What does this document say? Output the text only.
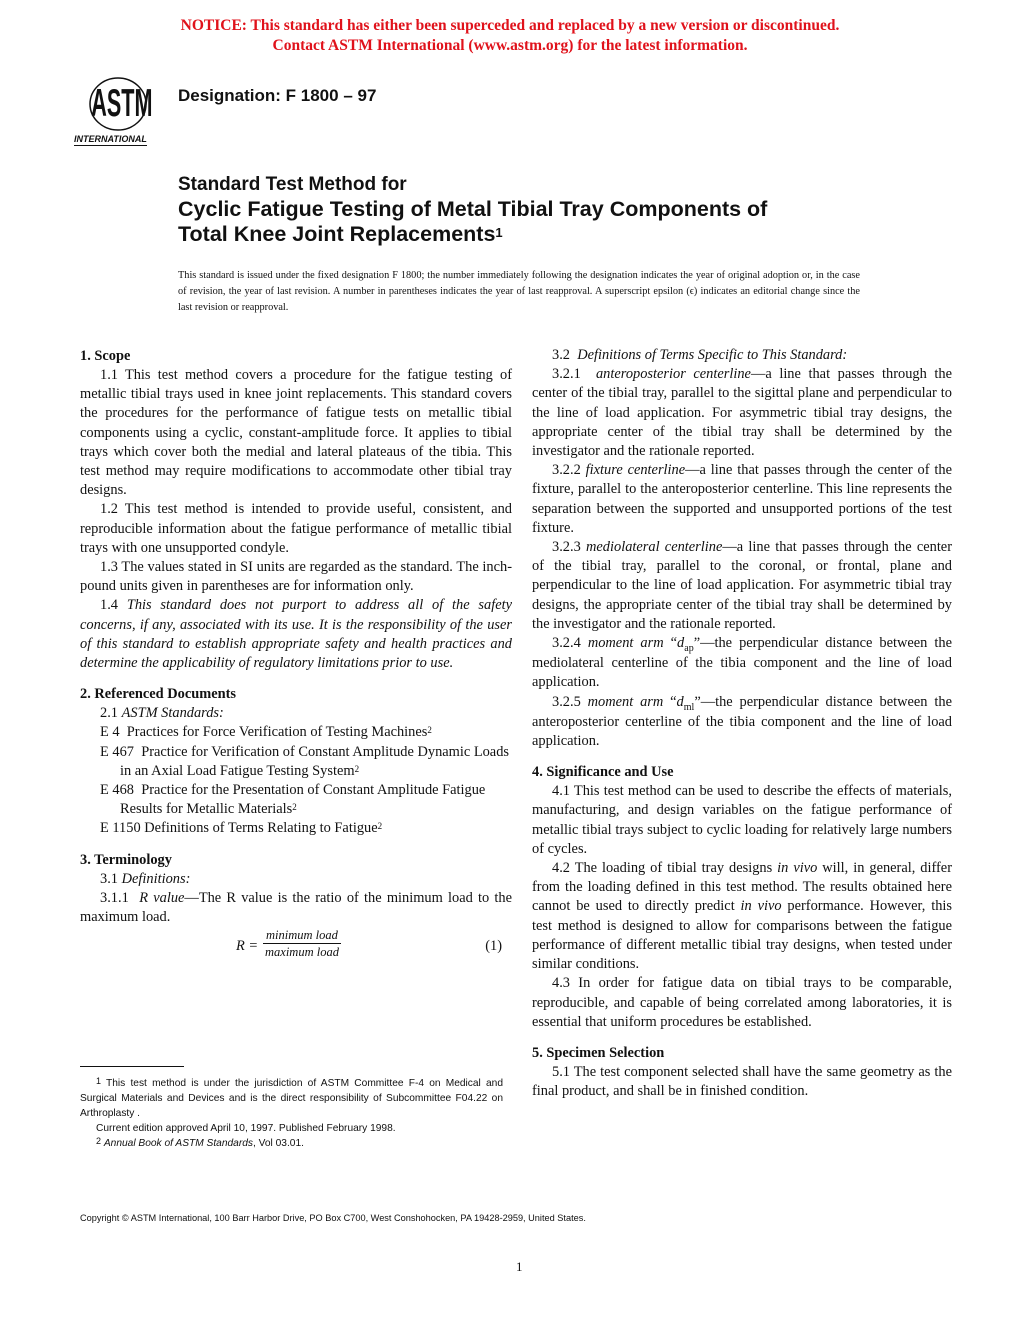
NOTICE: This standard has either been superceded and replaced by a new version or discontinued.
Contact ASTM International (www.astm.org) for the latest information.
ASTM
INTERNATIONAL
Designation: F 1800 – 97
Standard Test Method for
Cyclic Fatigue Testing of Metal Tibial Tray Components of
Total Knee Joint Replacements$^1$
This standard is issued under the fixed designation F 1800; the number immediately following the designation indicates the year of original adoption or, in the case of revision, the year of last revision. A number in parentheses indicates the year of last reapproval. A superscript epsilon (ϵ) indicates an editorial change since the last revision or reapproval.
1. Scope

1.1 This test method covers a procedure for the fatigue testing of metallic tibial trays used in knee joint replacements. This standard covers the procedures for the performance of fatigue tests on metallic tibial components using a cyclic, constant-amplitude force. It applies to tibial trays which cover both the medial and lateral plateaus of the tibia. This test method may require modifications to accommodate other tibial tray designs.

1.2 This test method is intended to provide useful, consistent, and reproducible information about the fatigue performance of metallic tibial trays with one unsupported condyle.

1.3 The values stated in SI units are regarded as the standard. The inch-pound units given in parentheses are for information only.

1.4 This standard does not purport to address all of the safety concerns, if any, associated with its use. It is the responsibility of the user of this standard to establish appropriate safety and health practices and determine the applicability of regulatory limitations prior to use.

2. Referenced Documents

2.1 ASTM Standards:

E 4 Practices for Force Verification of Testing Machines$^2$

E 467 Practice for Verification of Constant Amplitude Dynamic Loads in an Axial Load Fatigue Testing System$^2$

E 468 Practice for the Presentation of Constant Amplitude Fatigue Results for Metallic Materials$^2$

E 1150 Definitions of Terms Relating to Fatigue$^2$

3. Terminology

3.1 Definitions:

3.1.1 R value—The R value is the ratio of the minimum load to the maximum load.

R =
minimum load
maximum load	(1)

3.2 Definitions of Terms Specific to This Standard:

3.2.1 anteroposterior centerline—a line that passes through the center of the tibial tray, parallel to the sigittal plane and perpendicular to the line of load application. For asymmetric tibial tray designs, the appropriate center of the tibial tray shall be determined by the investigator and the rationale reported.

3.2.2 fixture centerline—a line that passes through the center of the fixture, parallel to the anteroposterior centerline. This line represents the separation between the supported and unsupported portions of the test fixture.

3.2.3 mediolateral centerline—a line that passes through the center of the tibial tray, parallel to the coronal, or frontal, plane and perpendicular to the line of load application. For asymmetric tibial tray designs, the appropriate center of the tibial tray shall be determined by the investigator and the rationale reported.

3.2.4 moment arm “$d_{ap}”—the$ perpendicular distance between the mediolateral centerline of the tibia component and the line of load application.

3.2.5 moment arm “$d_{ml}”—the$ perpendicular distance between the anteroposterior centerline of the tibia component and the line of load application.

4. Significance and Use

4.1 This test method can be used to describe the effects of materials, manufacturing, and design variables on the fatigue performance of metallic tibial trays subject to cyclic loading for relatively large numbers of cycles.

4.2 The loading of tibial tray designs in vivo will, in general, differ from the loading defined in this test method. The results obtained here cannot be used to directly predict in vivo performance. However, this test method is designed to allow for comparisons between the fatigue performance of different metallic tibial tray designs, when tested under similar conditions.

4.3 In order for fatigue data on tibial trays to be comparable, reproducible, and capable of being correlated among laboratories, it is essential that uniform procedures be established.

5. Specimen Selection

5.1 The test component selected shall have the same geometry as the final product, and shall be in finished condition.

$^1$ This test method is under the jurisdiction of ASTM Committee F-4 on Medical and Surgical Materials and Devices and is the direct responsibility of Subcommittee F04.22 on Arthroplasty .

Current edition approved April 10, 1997. Published February 1998.

$^2$ Annual Book of ASTM Standards, Vol 03.01.

Copyright © ASTM International, 100 Barr Harbor Drive, PO Box C700, West Conshohocken, PA 19428-2959, United States.
1
